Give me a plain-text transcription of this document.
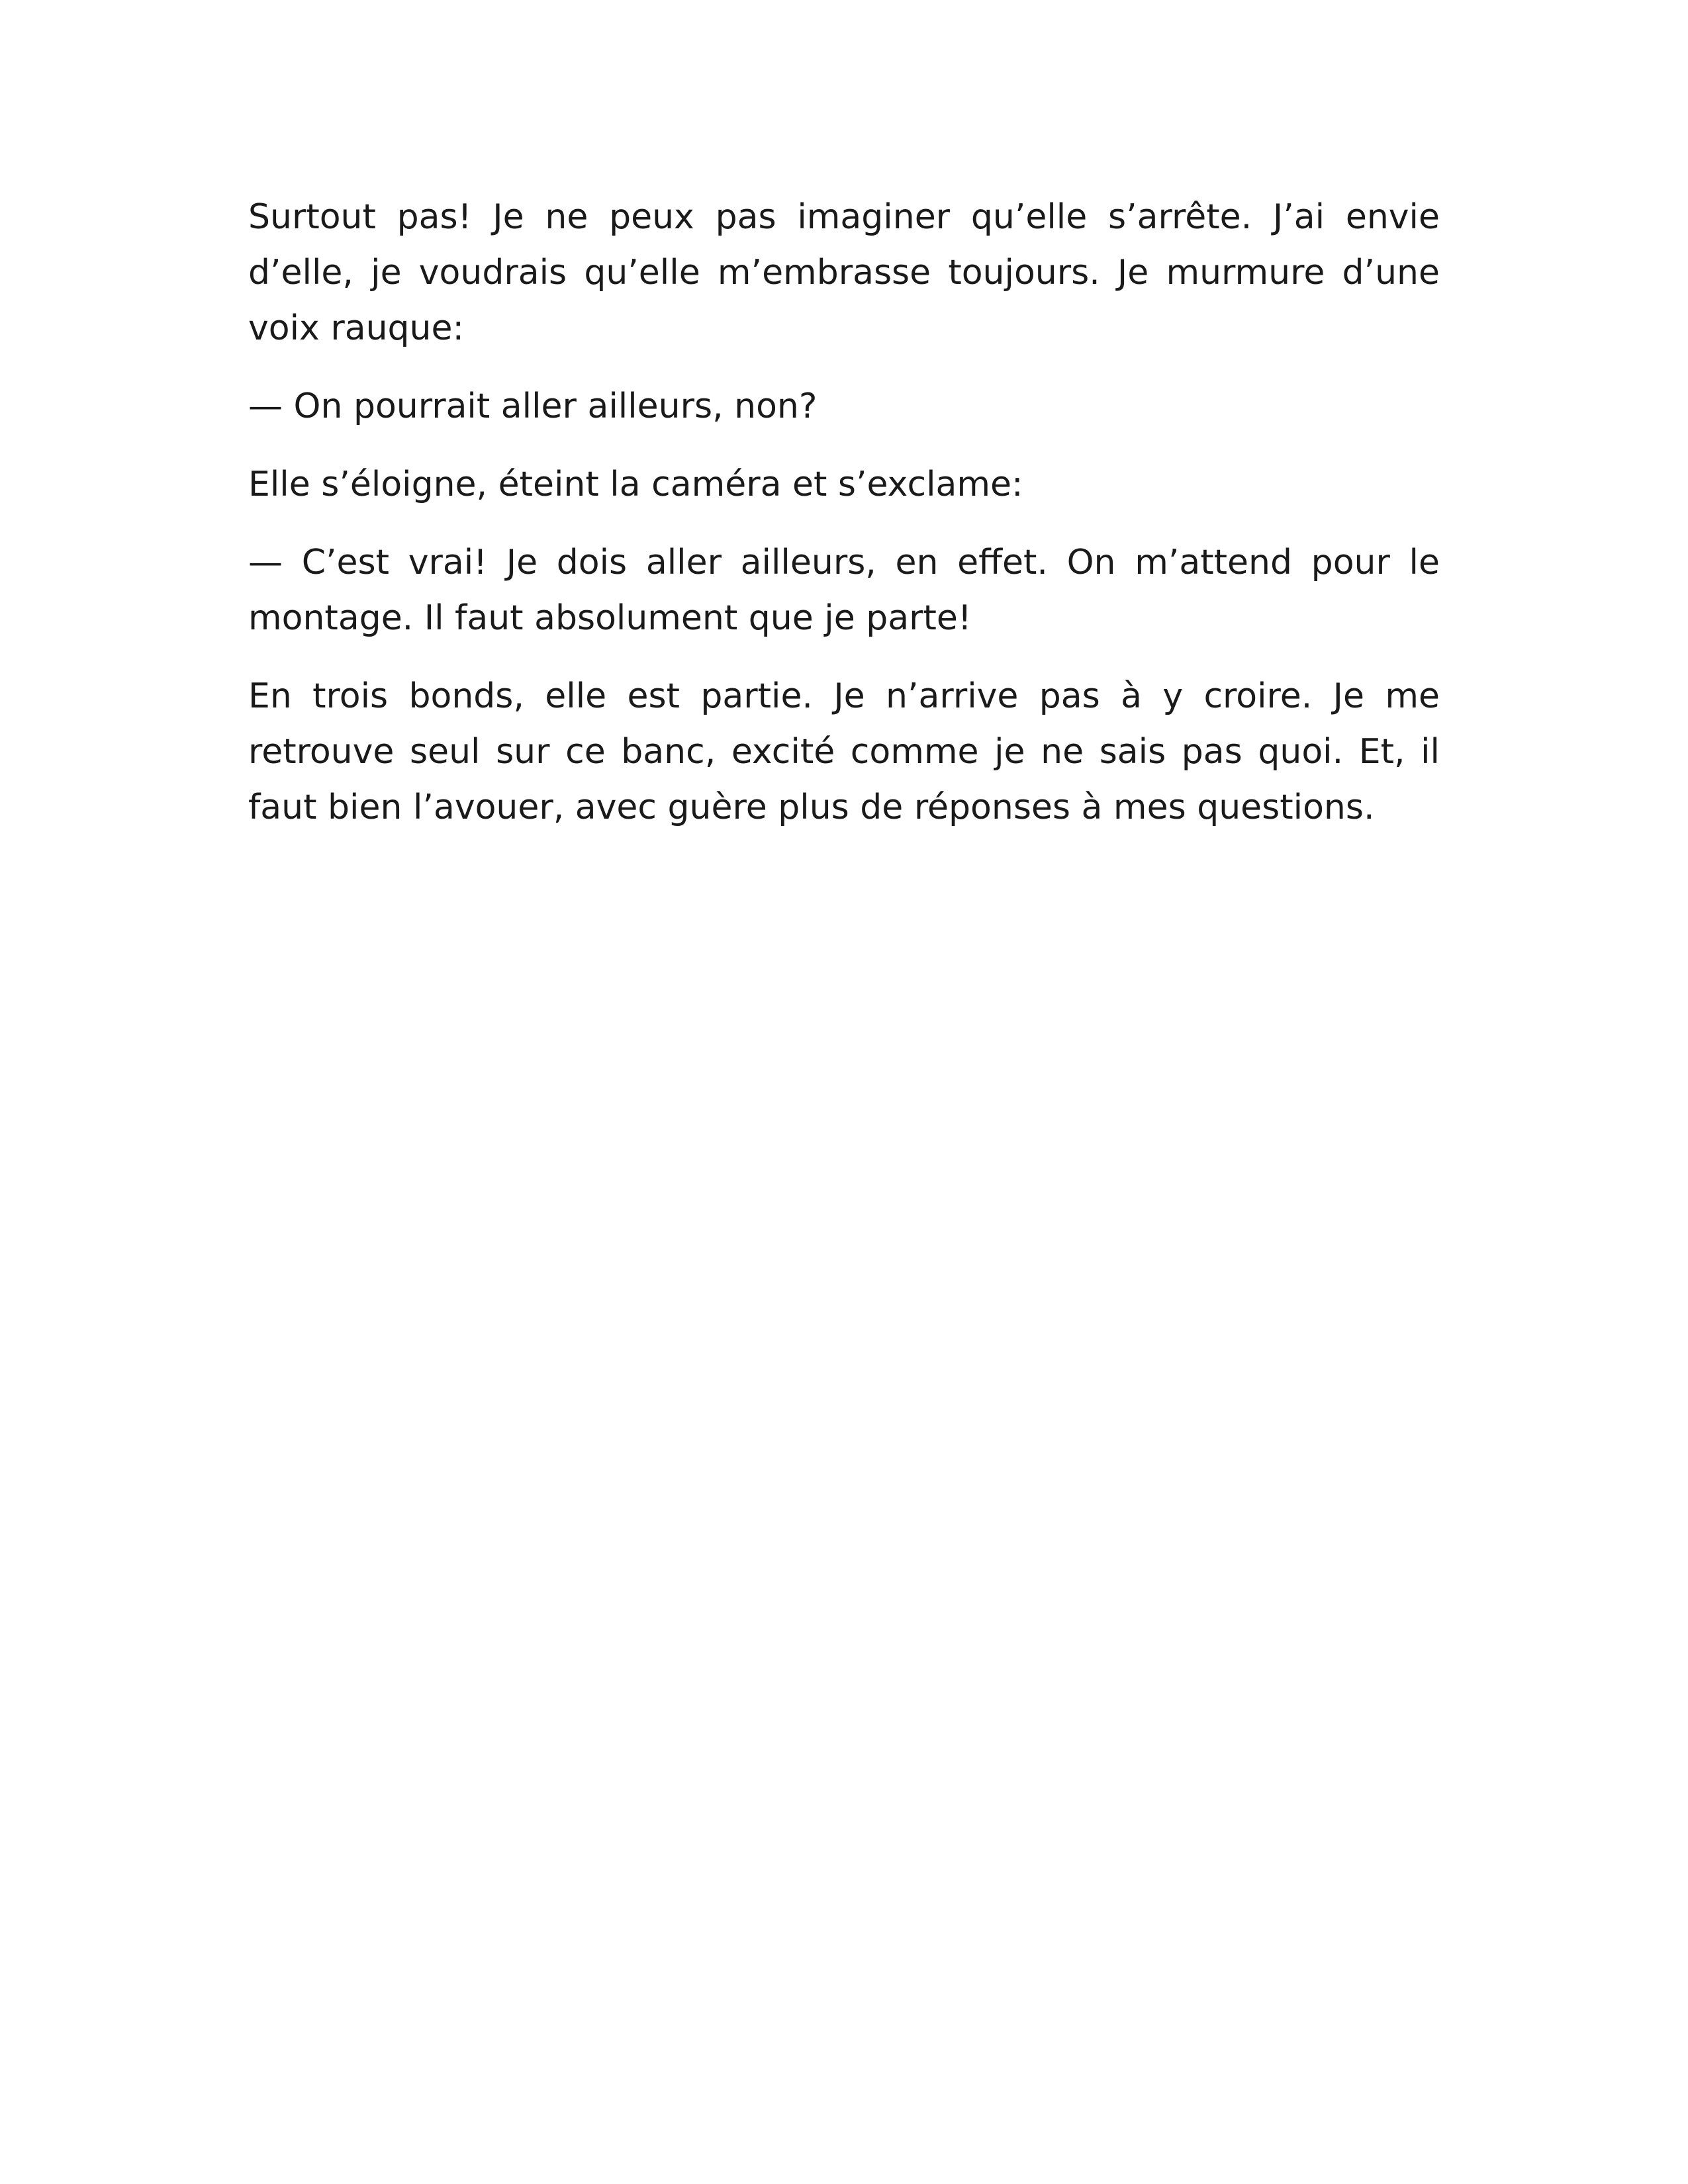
Surtout pas! Je ne peux pas imaginer qu’elle s’arrête. J’ai envie d’elle, je voudrais qu’elle m’embrasse toujours. Je murmure d’une voix rauque:

— On pourrait aller ailleurs, non?

Elle s’éloigne, éteint la caméra et s’exclame:

— C’est vrai! Je dois aller ailleurs, en effet. On m’attend pour le montage. Il faut absolument que je parte!

En trois bonds, elle est partie. Je n’arrive pas à y croire. Je me retrouve seul sur ce banc, excité comme je ne sais pas quoi. Et, il faut bien l’avouer, avec guère plus de réponses à mes questions.
